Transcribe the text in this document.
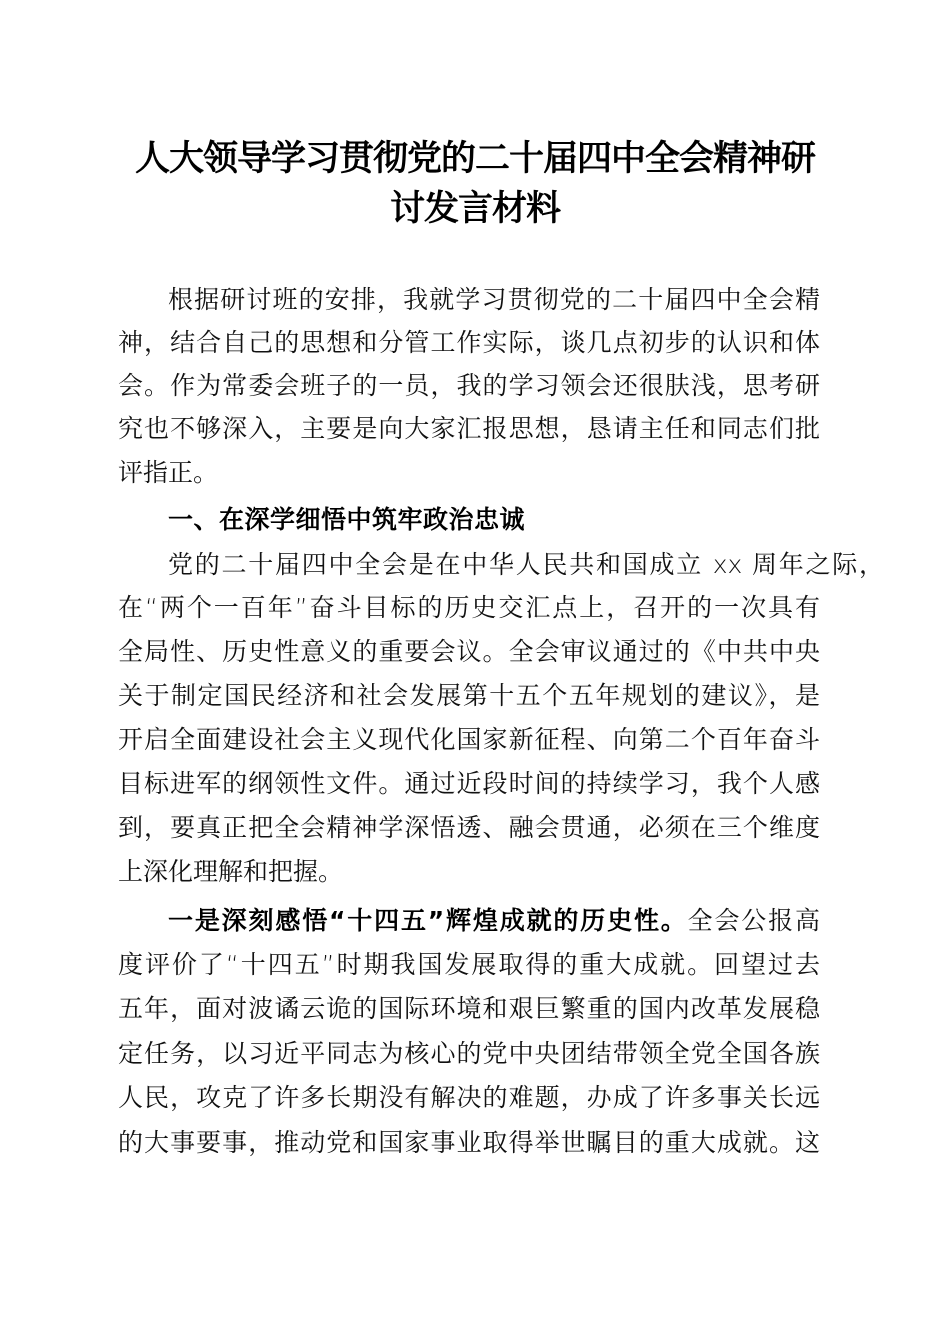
人大领导学习贯彻党的二十届四中全会精神研
讨发言材料
根据研讨班的安排，我就学习贯彻党的二十届四中全会精
神，结合自己的思想和分管工作实际，谈几点初步的认识和体
会。作为常委会班子的一员，我的学习领会还很肤浅，思考研
究也不够深入，主要是向大家汇报思想，恳请主任和同志们批
评指正。
一、在深学细悟中筑牢政治忠诚
党的二十届四中全会是在中华人民共和国成立 xx 周年之际，
在“两个一百年”奋斗目标的历史交汇点上，召开的一次具有
全局性、历史性意义的重要会议。全会审议通过的《中共中央
关于制定国民经济和社会发展第十五个五年规划的建议》，是
开启全面建设社会主义现代化国家新征程、向第二个百年奋斗
目标进军的纲领性文件。通过近段时间的持续学习，我个人感
到，要真正把全会精神学深悟透、融会贯通，必须在三个维度
上深化理解和把握。
一是深刻感悟“十四五”辉煌成就的历史性。全会公报高
度评价了“十四五”时期我国发展取得的重大成就。回望过去
五年，面对波谲云诡的国际环境和艰巨繁重的国内改革发展稳
定任务，以习近平同志为核心的党中央团结带领全党全国各族
人民，攻克了许多长期没有解决的难题，办成了许多事关长远
的大事要事，推动党和国家事业取得举世瞩目的重大成就。这
